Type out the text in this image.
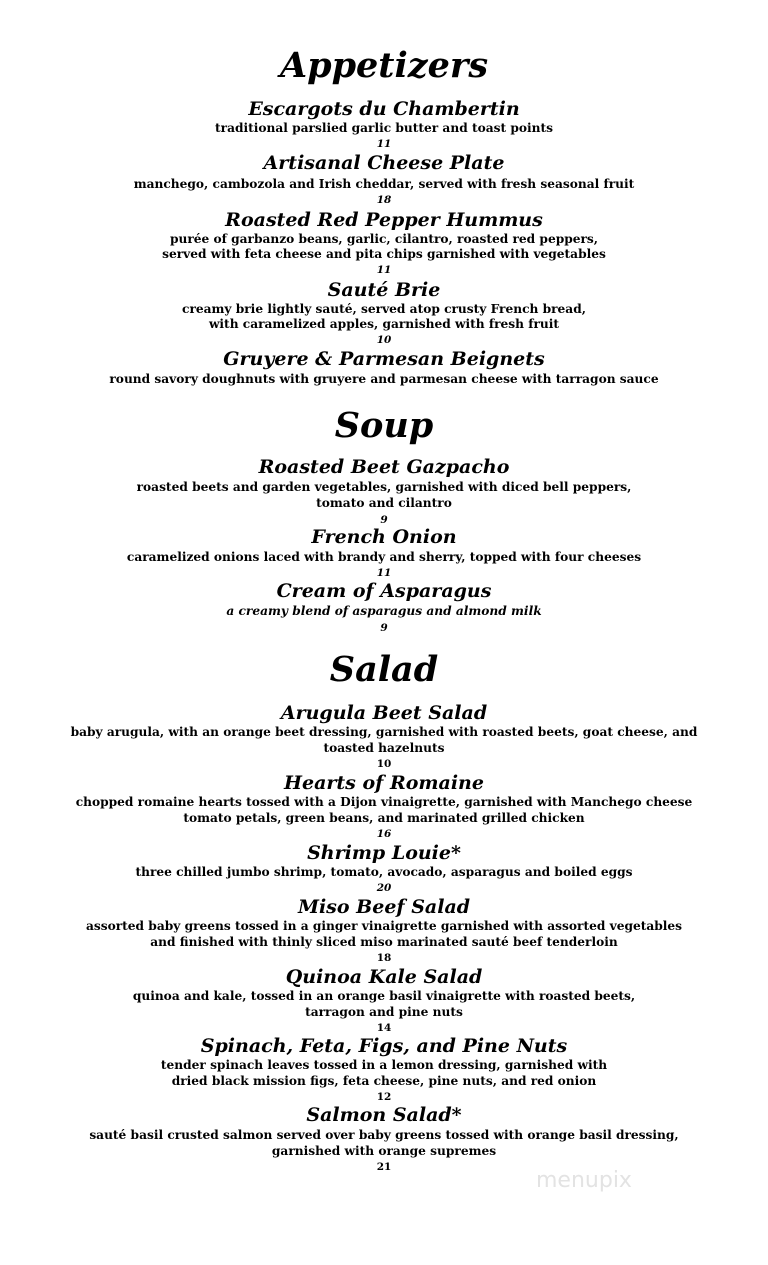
Appetizers
Escargots du Chambertin
traditional parslied garlic butter and toast points
11
Artisanal Cheese Plate
manchego, cambozola and Irish cheddar, served with fresh seasonal fruit
18
Roasted Red Pepper Hummus
purée of garbanzo beans, garlic, cilantro, roasted red peppers,
served with feta cheese and pita chips garnished with vegetables
11
Sauté Brie
creamy brie lightly sauté, served atop crusty French bread,
with caramelized apples, garnished with fresh fruit
10
Gruyere & Parmesan Beignets
round savory doughnuts with gruyere and parmesan cheese with tarragon sauce
Soup
Roasted Beet Gazpacho
roasted beets and garden vegetables, garnished with diced bell peppers,
tomato and cilantro
9
French Onion
caramelized onions laced with brandy and sherry, topped with four cheeses
11
Cream of Asparagus
a creamy blend of asparagus and almond milk
9
Salad
Arugula Beet Salad
baby arugula, with an orange beet dressing, garnished with roasted beets, goat cheese, and
toasted hazelnuts
10
Hearts of Romaine
chopped romaine hearts tossed with a Dijon vinaigrette, garnished with Manchego cheese
tomato petals, green beans, and marinated grilled chicken
16
Shrimp Louie*
three chilled jumbo shrimp, tomato, avocado, asparagus and boiled eggs
20
Miso Beef Salad
assorted baby greens tossed in a ginger vinaigrette garnished with assorted vegetables
and finished with thinly sliced miso marinated sauté beef tenderloin
18
Quinoa Kale Salad
quinoa and kale, tossed in an orange basil vinaigrette with roasted beets,
tarragon and pine nuts
14
Spinach, Feta, Figs, and Pine Nuts
tender spinach leaves tossed in a lemon dressing, garnished with
dried black mission figs, feta cheese, pine nuts, and red onion
12
Salmon Salad*
sauté basil crusted salmon served over baby greens tossed with orange basil dressing,
garnished with orange supremes
21
menupix
